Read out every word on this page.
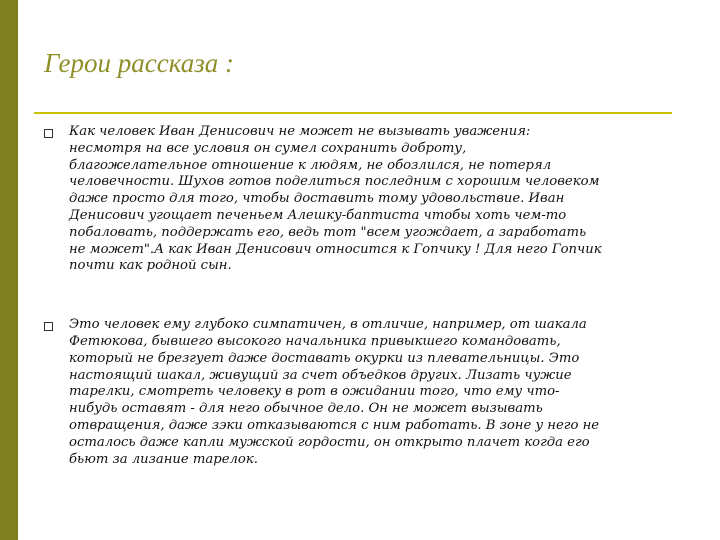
Герои рассказа :

Как человек Иван Денисович не может не вызывать уважения: несмотря на все условия он сумел сохранить доброту, благожелательное отношение к людям, не обозлился, не потерял человечности. Шухов готов поделиться последним с хорошим человеком даже просто для того, чтобы доставить тому удовольствие. Иван Денисович угощает печеньем Алешку-баптиста чтобы хоть чем-то побаловать, поддержать его, ведь тот "всем угождает, а заработать не может".А как Иван Денисович относится к Гопчику ! Для него Гопчик почти как родной сын.

Это человек ему глубоко симпатичен, в отличие, например, от шакала Фетюкова, бывшего высокого начальника привыкшего командовать, который не брезгует даже доставать окурки из плевательницы. Это настоящий шакал, живущий за счет объедков других. Лизать чужие тарелки, смотреть человеку в рот в ожидании того, что ему что-нибудь оставят - для него обычное дело. Он не может вызывать отвращения, даже зэки отказываются с ним работать. В зоне у него не осталось даже капли мужской гордости, он открыто плачет когда его бьют за лизание тарелок.
